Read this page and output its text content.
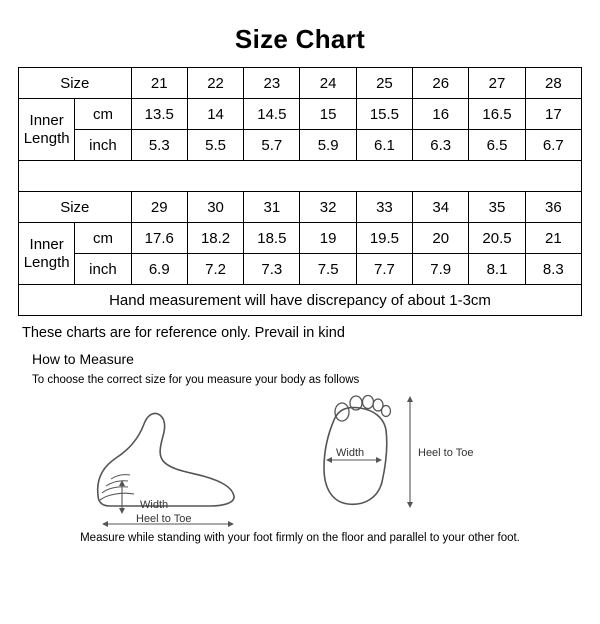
Size Chart
Size		21	22	23	24	25	26	27	28

Inner
Length	cm	13.5	14	14.5	15	15.5	16	16.5	17
	inch	5.3	5.5	5.7	5.9	6.1	6.3	6.5	6.7

Size		29	30	31	32	33	34	35	36

Inner
Length	cm	17.6	18.2	18.5	19	19.5	20	20.5	21
	inch	6.9	7.2	7.3	7.5	7.7	7.9	8.1	8.3
Hand measurement will have discrepancy of about 1-3cm									
These charts are for reference only. Prevail in kind
How to Measure
To choose the correct size for you measure your body as follows
Width
Heel to Toe
Width	Heel to Toe
Measure while standing with your foot firmly on the floor and parallel to your other foot.
